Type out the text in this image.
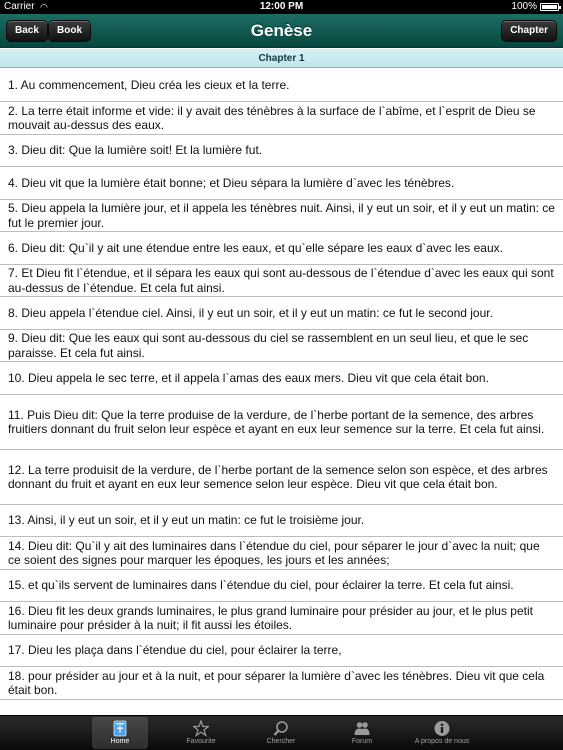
Carrier ◠	12:00 PM	100%
Genèse
Back	Book	Chapter
Chapter 1
1. Au commencement, Dieu créa les cieux et la terre.
2. La terre était informe et vide: il y avait des ténèbres à la surface de l`abîme, et l`esprit de Dieu se mouvait au-dessus des eaux.
3. Dieu dit: Que la lumière soit! Et la lumière fut.
4. Dieu vit que la lumière était bonne; et Dieu sépara la lumière d`avec les ténèbres.
5. Dieu appela la lumière jour, et il appela les ténèbres nuit. Ainsi, il y eut un soir, et il y eut un matin: ce fut le premier jour.
6. Dieu dit: Qu`il y ait une étendue entre les eaux, et qu`elle sépare les eaux d`avec les eaux.
7. Et Dieu fit l`étendue, et il sépara les eaux qui sont au-dessous de l`étendue d`avec les eaux qui sont au-dessus de l`étendue. Et cela fut ainsi.
8. Dieu appela l`étendue ciel. Ainsi, il y eut un soir, et il y eut un matin: ce fut le second jour.
9. Dieu dit: Que les eaux qui sont au-dessous du ciel se rassemblent en un seul lieu, et que le sec paraisse. Et cela fut ainsi.
10. Dieu appela le sec terre, et il appela l`amas des eaux mers. Dieu vit que cela était bon.
11. Puis Dieu dit: Que la terre produise de la verdure, de l`herbe portant de la semence, des arbres fruitiers donnant du fruit selon leur espèce et ayant en eux leur semence sur la terre. Et cela fut ainsi.
12. La terre produisit de la verdure, de l`herbe portant de la semence selon son espèce, et des arbres donnant du fruit et ayant en eux leur semence selon leur espèce. Dieu vit que cela était bon.
13. Ainsi, il y eut un soir, et il y eut un matin: ce fut le troisième jour.
14. Dieu dit: Qu`il y ait des luminaires dans l`étendue du ciel, pour séparer le jour d`avec la nuit; que ce soient des signes pour marquer les époques, les jours et les années;
15. et qu`ils servent de luminaires dans l`étendue du ciel, pour éclairer la terre. Et cela fut ainsi.
16. Dieu fit les deux grands luminaires, le plus grand luminaire pour présider au jour, et le plus petit luminaire pour présider à la nuit; il fit aussi les étoiles.
17. Dieu les plaça dans l`étendue du ciel, pour éclairer la terre,
18. pour présider au jour et à la nuit, et pour séparer la lumière d`avec les ténèbres. Dieu vit que cela était bon.
Home	Favourite	Chercher	Forum	A propos de nous
